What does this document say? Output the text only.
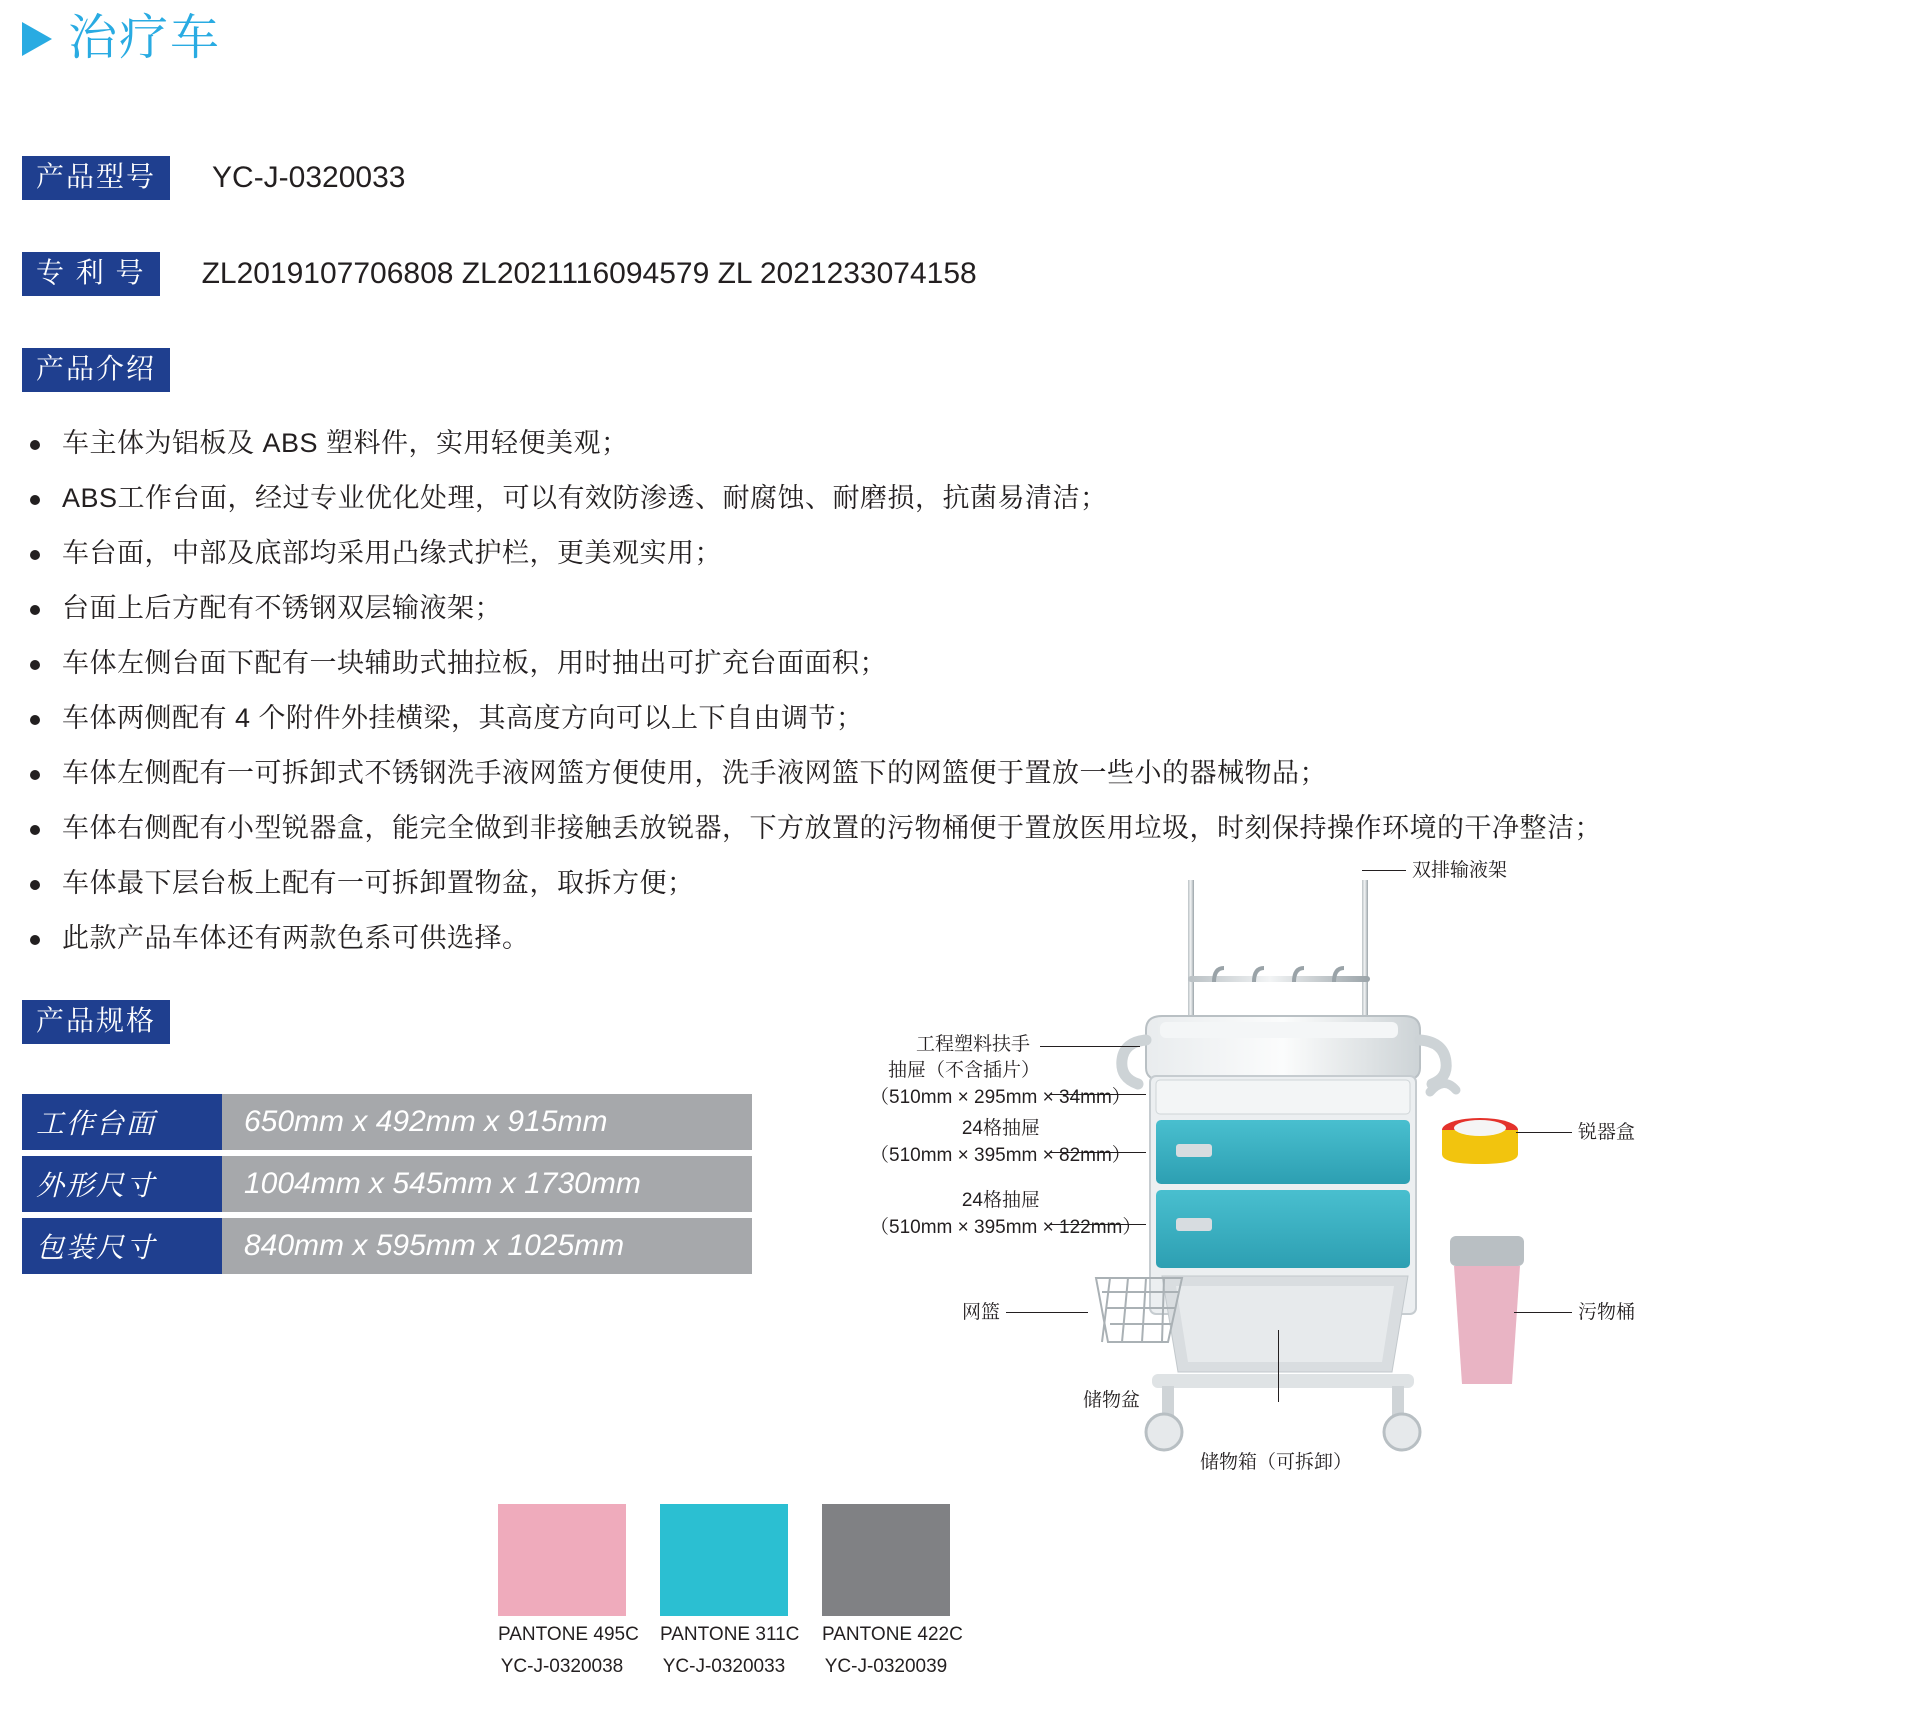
治疗车
产品型号	YC-J-0320033
专 利 号	ZL2019107706808 ZL2021116094579 ZL 2021233074158
产品介绍
车主体为铝板及 ABS 塑料件，实用轻便美观；
ABS工作台面，经过专业优化处理，可以有效防渗透、耐腐蚀、耐磨损，抗菌易清洁；
车台面，中部及底部均采用凸缘式护栏，更美观实用；
台面上后方配有不锈钢双层输液架；
车体左侧台面下配有一块辅助式抽拉板，用时抽出可扩充台面面积；
车体两侧配有 4 个附件外挂横梁，其高度方向可以上下自由调节；
车体左侧配有一可拆卸式不锈钢洗手液网篮方便使用，洗手液网篮下的网篮便于置放一些小的器械物品；
车体右侧配有小型锐器盒，能完全做到非接触丢放锐器，下方放置的污物桶便于置放医用垃圾，时刻保持操作环境的干净整洁；
车体最下层台板上配有一可拆卸置物盆，取拆方便；
此款产品车体还有两款色系可供选择。
产品规格
工作台面	650mm x 492mm x 915mm
外形尺寸	1004mm x 545mm x 1730mm
包装尺寸	840mm x 595mm x 1025mm
PANTONE 495C
YC-J-0320038
PANTONE 311C
YC-J-0320033
PANTONE 422C
YC-J-0320039
双排输液架
锐器盒
污物桶
工程塑料扶手
抽屉（不含插片）
（510mm × 295mm × 34mm）
24格抽屉
（510mm × 395mm × 82mm）
24格抽屉
（510mm × 395mm × 122mm）
网篮
储物盆
储物箱（可拆卸）
